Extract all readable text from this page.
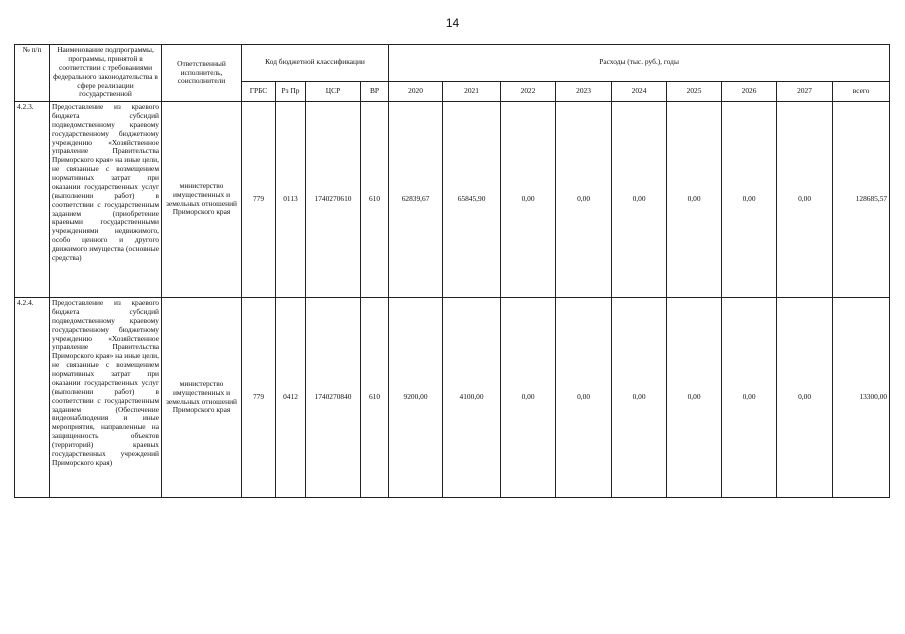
14
№ п/п	Наименование подпрограммы, программы, принятой в соответствии с требованиями федерального законодательства в сфере реализации государственной	Ответственный исполнитель, соисполнители	Код бюджетной классификации				Расходы (тыс. руб.), годы								
			ГРБС	Рз Пр	ЦСР	ВР	2020	2021	2022	2023	2024	2025	2026	2027	всего
4.2.3.	Предоставление из краевого бюджета субсидий подведомственному краевому государственному бюджетному учреждению «Хозяйственное управление Правительства Приморского края» на иные цели, не связанные с возмещением нормативных затрат при оказании государственных услуг (выполнении работ) в соответствии с государственным заданием (приобретение краевыми государственными учреждениями недвижимого, особо ценного и другого движимого имущества (основные средства)	министерство имущественных и земельных отношений Приморского края	779	0113	1740270610	610	62839,67	65845,90	0,00	0,00	0,00	0,00	0,00	0,00	128685,57
4.2.4.	Предоставление из краевого бюджета субсидий подведомственному краевому государственному бюджетному учреждению «Хозяйственное управление Правительства Приморского края» на иные цели, не связанные с возмещением нормативных затрат при оказании государственных услуг (выполнении работ) в соответствии с государственным заданием (Обеспечение видеонаблюдения и иные мероприятия, направленные на защищенность объектов (территорий) краевых государственных учреждений Приморского края)	министерство имущественных и земельных отношений Приморского края	779	0412	1740270840	610	9200,00	4100,00	0,00	0,00	0,00	0,00	0,00	0,00	13300,00
